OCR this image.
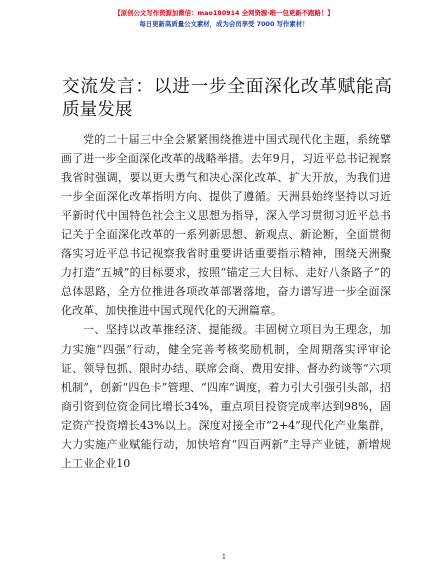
【原创公文写作资源加微信：mao180914 全网资源·唯一包更新不跑路！】
每日更新高质量公文素材，成为会员享受 7000 写作素材！
交流发言：以进一步全面深化改革赋能高质量发展

党的二十届三中全会紧紧围绕推进中国式现代化主题，系统擘画了进一步全面深化改革的战略举措。去年9月，习近平总书记视察我省时强调，要以更大勇气和决心深化改革、扩大开放，为我们进一步全面深化改革指明方向、提供了遵循。天洲县始终坚持以习近平新时代中国特色社会主义思想为指导，深入学习贯彻习近平总书记关于全面深化改革的一系列新思想、新观点、新论断，全面贯彻落实习近平总书记视察我省时重要讲话重要指示精神，围绕天洲聚力打造“五城”的目标要求，按照“锚定三大目标、走好八条路子”的总体思路，全方位推进各项改革部署落地，奋力谱写进一步全面深化改革、加快推进中国式现代化的天洲篇章。

一、坚持以改革推经济、提能级。丰固树立项目为王理念，加力实施“四强”行动，健全完善考核奖励机制，全周期落实评审论证、领导包抓、限时办结、联席会商、费用安排、督办约谈等“六项机制”，创新“四色卡”管理、“四库”调度，着力引大引强引头部，招商引资到位资金同比增长34%，重点项目投资完成率达到98%，固定资产投资增长43%以上。深度对接全市“2+4”现代化产业集群，大力实施产业赋能行动，加快培育“四百两新”主导产业链，新增规上工业企业10

1
